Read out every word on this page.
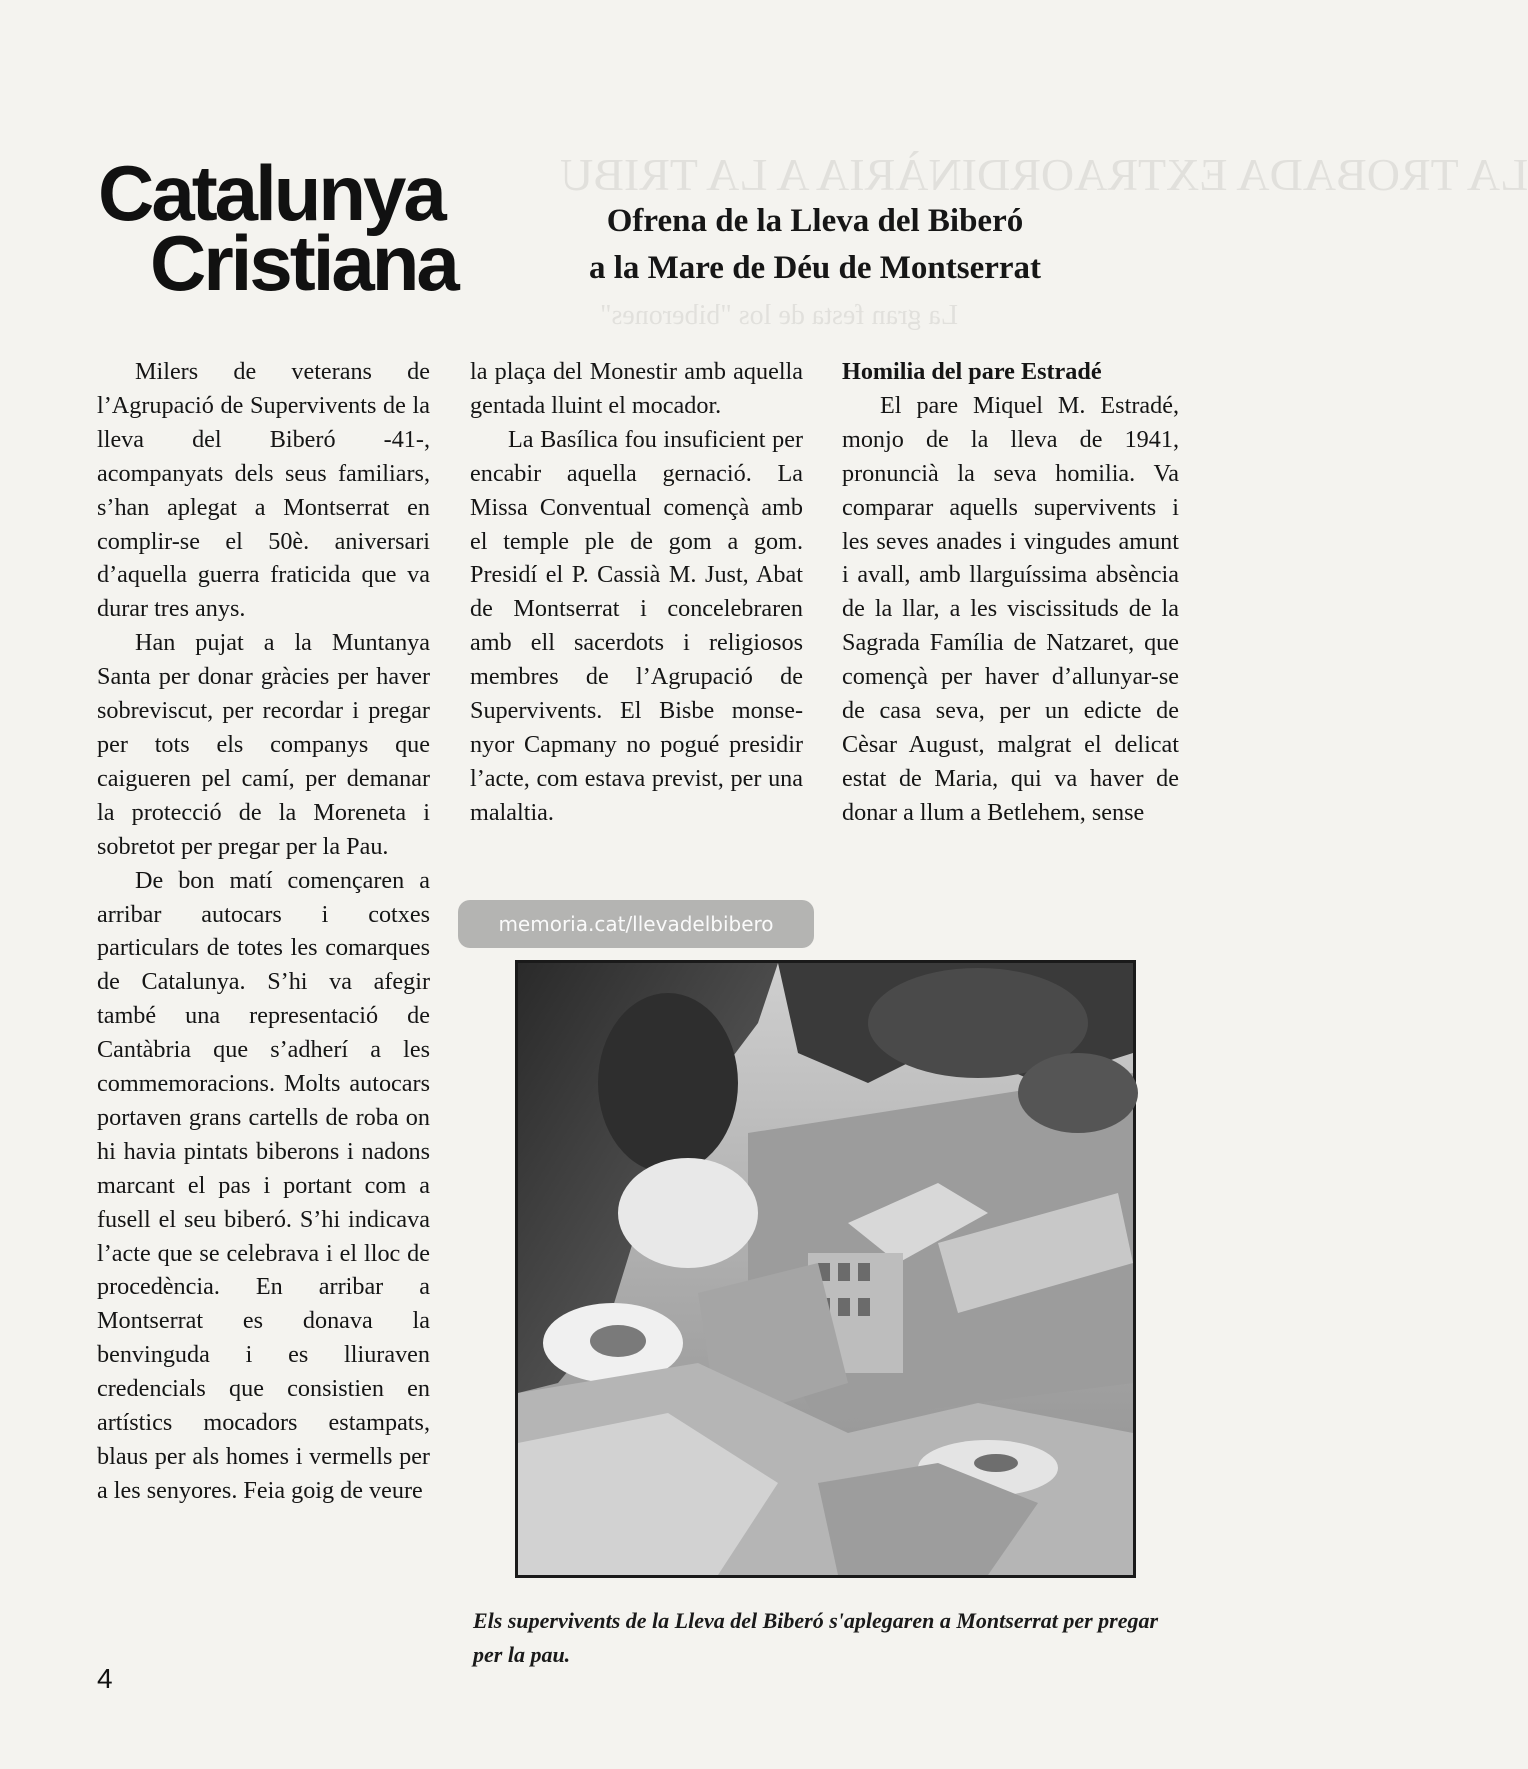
LA TROBADA EXTRAORDINÀRIA A LA TRIBU
La gran festa de los "biberones"
Catalunya
Cristiana	Ofrena de la Lleva del Biberó
a la Mare de Déu de Montserrat

Milers de veterans de l’Agrupació de Supervivents de la lleva del Biberó -41-, acompanyats dels seus familiars, s’han aplegat a Montserrat en complir-se el 50è. aniversari d’aquella guerra fraticida que va durar tres anys.

Han pujat a la Muntanya Santa per donar gràcies per haver sobreviscut, per recordar i pregar per tots els companys que caigueren pel camí, per demanar la protecció de la Moreneta i sobretot per pregar per la Pau.

De bon matí començaren a arribar autocars i cotxes particulars de totes les comarques de Catalunya. S’hi va afegir també una representació de Cantàbria que s’adherí a les commemoracions. Molts autocars portaven grans cartells de roba on hi havia pintats biberons i nadons marcant el pas i portant com a fusell el seu biberó. S’hi indicava l’acte que se celebrava i el lloc de procedència. En arribar a Montserrat es donava la benvinguda i es lliuraven credencials que consistien en artístics mocadors estampats, blaus per als homes i vermells per a les senyores. Feia goig de veure

la plaça del Monestir amb aquella gentada lluint el mocador.

La Basílica fou insuficient per encabir aquella gernació. La Missa Conventual començà amb el temple ple de gom a gom. Presidí el P. Cassià M. Just, Abat de Montserrat i concelebraren amb ell sacerdots i religiosos membres de l’Agrupació de Supervivents. El Bisbe monse-nyor Capmany no pogué presidir l’acte, com estava previst, per una malaltia.

Homilia del pare Estradé

El pare Miquel M. Estradé, monjo de la lleva de 1941, pronuncià la seva homilia. Va comparar aquells supervivents i les seves anades i vingudes amunt i avall, amb llarguíssima absència de la llar, a les viscissituds de la Sagrada Família de Natzaret, que començà per haver d’allunyar-se de casa seva, per un edicte de Cèsar August, malgrat el delicat estat de Maria, qui va haver de donar a llum a Betlehem, sense

memoria.cat/llevadelbibero
Els supervivents de la Lleva del Biberó s'aplegaren a Montserrat per pregar per la pau.
4
